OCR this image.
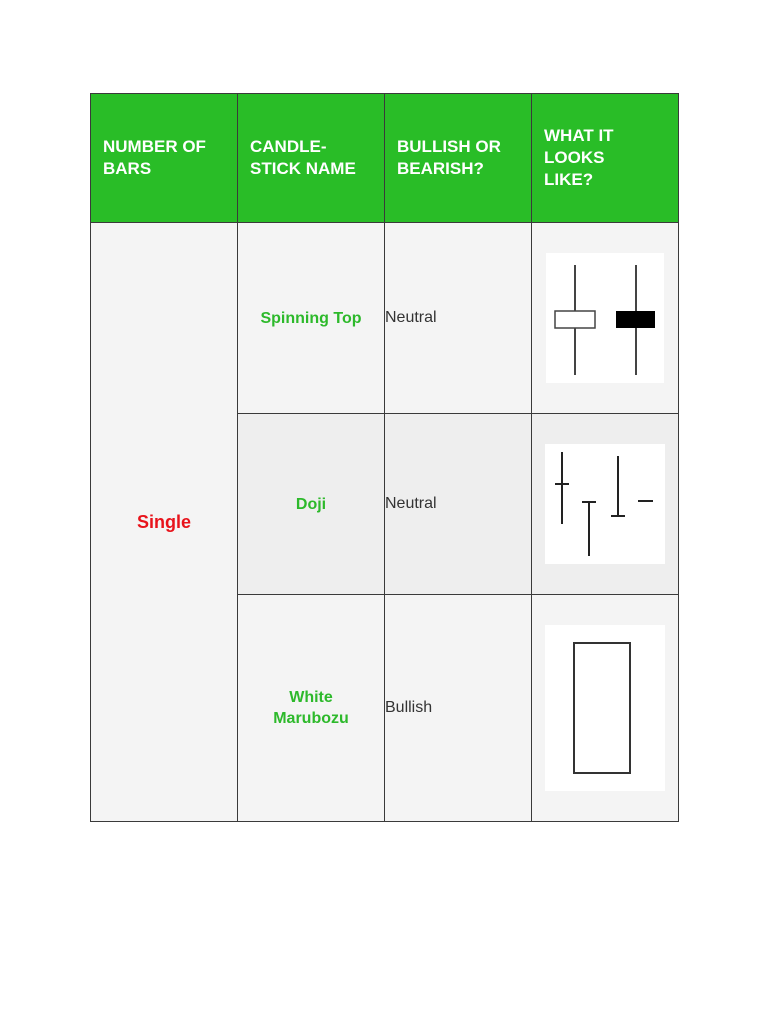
NUMBER OF
BARS	CANDLE-
STICK NAME	BULLISH OR
BEARISH?	WHAT IT
LOOKS
LIKE?

Single	Spinning Top	Neutral	

	Doji	Neutral	

	White
Marubozu	Bullish	
